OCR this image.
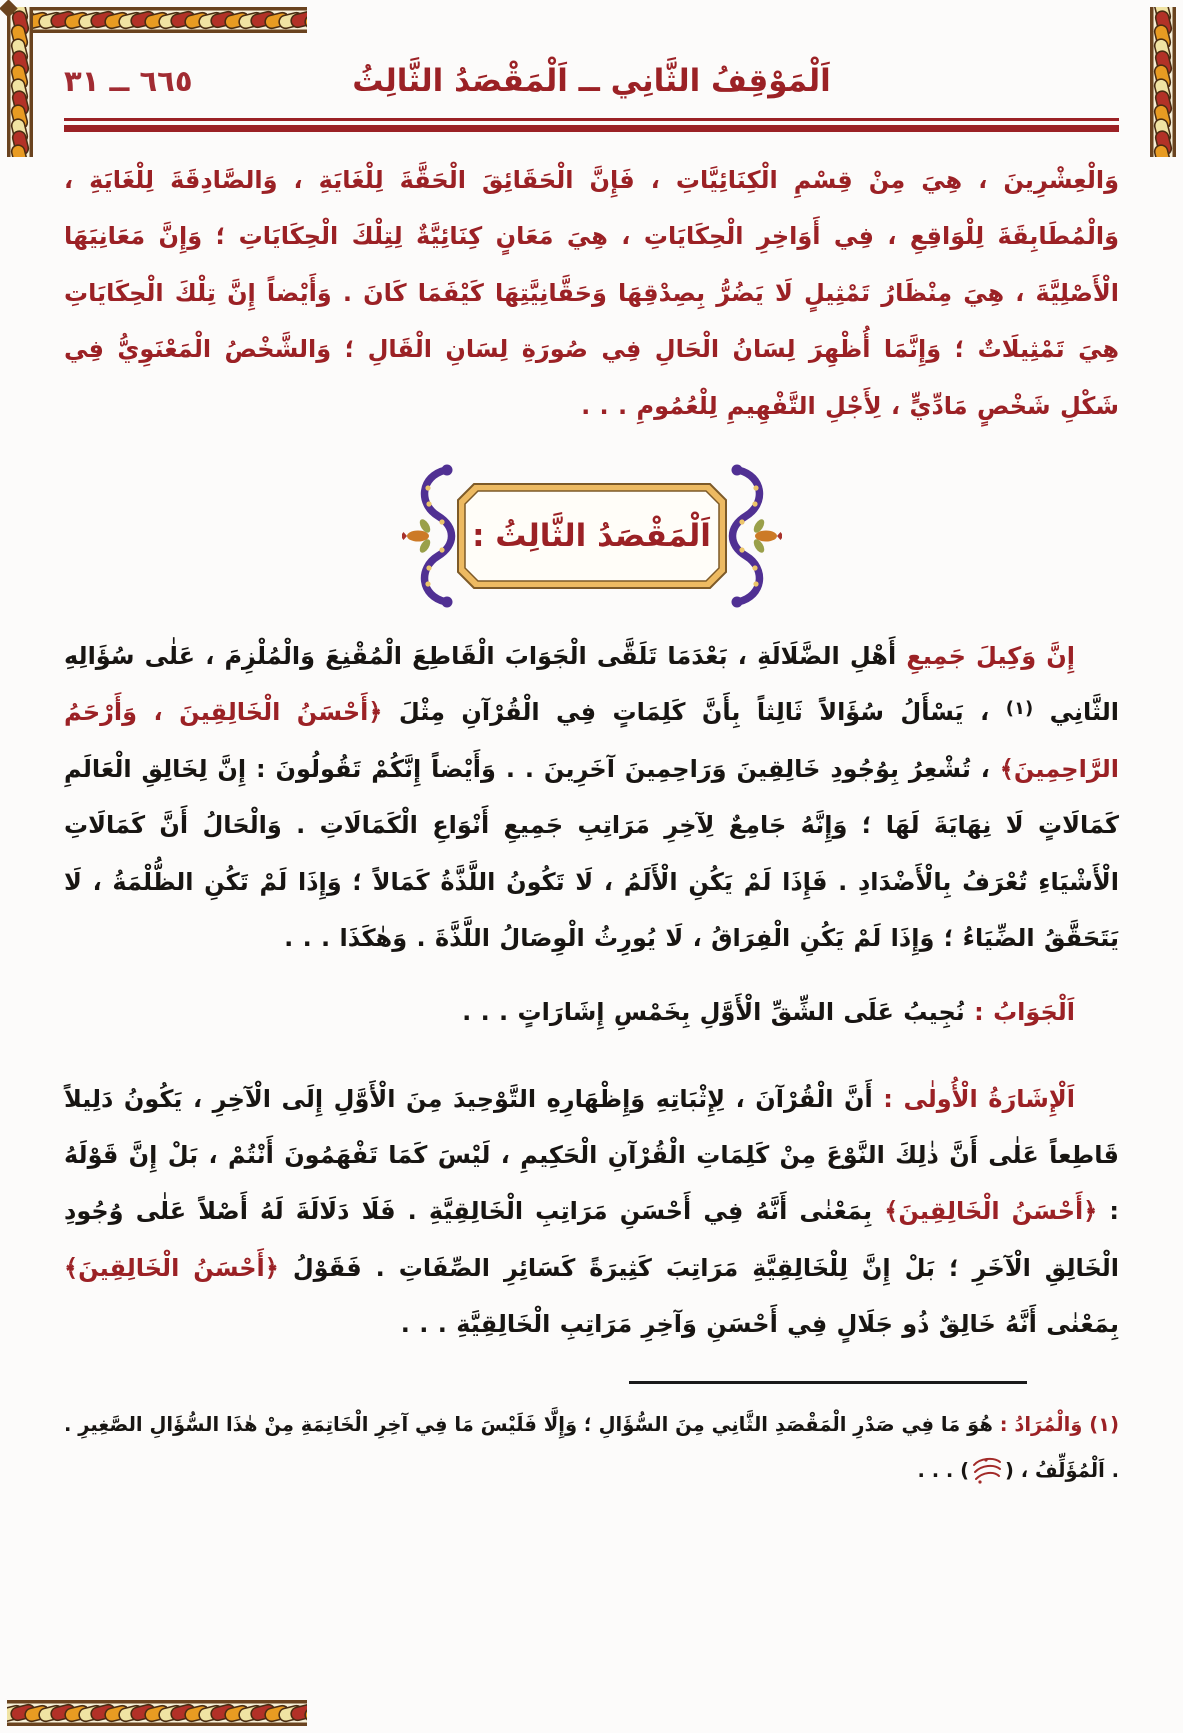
٦٦٥ ــ ٣١	اَلْمَوْقِفُ الثَّانِي ــ اَلْمَقْصَدُ الثَّالِثُ

وَالْعِشْرِينَ ، هِيَ مِنْ قِسْمِ الْكِنَائِيَّاتِ ، فَإِنَّ الْحَقَائِقَ الْحَقَّةَ لِلْغَايَةِ ، وَالصَّادِقَةَ لِلْغَايَةِ ، وَالْمُطَابِقَةَ لِلْوَاقِعِ ، فِي أَوَاخِرِ الْحِكَايَاتِ ، هِيَ مَعَانٍ كِنَائِيَّةٌ لِتِلْكَ الْحِكَايَاتِ ؛ وَإِنَّ مَعَانِيَهَا الْأَصْلِيَّةَ ، هِيَ مِنْظَارُ تَمْثِيلٍ لَا يَضُرُّ بِصِدْقِهَا وَحَقَّانِيَّتِهَا كَيْفَمَا كَانَ . وَأَيْضاً إِنَّ تِلْكَ الْحِكَايَاتِ هِيَ تَمْثِيلَاتٌ ؛ وَإِنَّمَا أُظْهِرَ لِسَانُ الْحَالِ فِي صُورَةِ لِسَانِ الْقَالِ ؛ وَالشَّخْصُ الْمَعْنَوِيُّ فِي شَكْلِ شَخْصٍ مَادِّيٍّ ، لِأَجْلِ التَّفْهِيمِ لِلْعُمُومِ . . .

اَلْمَقْصَدُ الثَّالِثُ :

إِنَّ وَكِيلَ جَمِيعِ أَهْلِ الضَّلَالَةِ ، بَعْدَمَا تَلَقَّى الْجَوَابَ الْقَاطِعَ الْمُقْنِعَ وَالْمُلْزِمَ ، عَلٰى سُؤَالِهِ الثَّانِي $^{(١)}$ ، يَسْأَلُ سُؤَالاً ثَالِثاً بِأَنَّ كَلِمَاتٍ فِي الْقُرْآنِ مِثْلَ ﴿أَحْسَنُ الْخَالِقِينَ ، وَأَرْحَمُ الرَّاحِمِينَ﴾ ، تُشْعِرُ بِوُجُودِ خَالِقِينَ وَرَاحِمِينَ آخَرِينَ . . وَأَيْضاً إِنَّكُمْ تَقُولُونَ : إِنَّ لِخَالِقِ الْعَالَمِ كَمَالَاتٍ لَا نِهَايَةَ لَهَا ؛ وَإِنَّهُ جَامِعٌ لِآخِرِ مَرَاتِبِ جَمِيعِ أَنْوَاعِ الْكَمَالَاتِ . وَالْحَالُ أَنَّ كَمَالَاتِ الْأَشْيَاءِ تُعْرَفُ بِالْأَضْدَادِ . فَإِذَا لَمْ يَكُنِ الْأَلَمُ ، لَا تَكُونُ اللَّذَّةُ كَمَالاً ؛ وَإِذَا لَمْ تَكُنِ الظُّلْمَةُ ، لَا يَتَحَقَّقُ الضِّيَاءُ ؛ وَإِذَا لَمْ يَكُنِ الْفِرَاقُ ، لَا يُورِثُ الْوِصَالُ اللَّذَّةَ . وَهٰكَذَا . . .

اَلْجَوَابُ : نُجِيبُ عَلَى الشِّقِّ الْأَوَّلِ بِخَمْسِ إِشَارَاتٍ . . .

اَلْإِشَارَةُ الْأُولٰى : أَنَّ الْقُرْآنَ ، لِإِثْبَاتِهِ وَإِظْهَارِهِ التَّوْحِيدَ مِنَ الْأَوَّلِ إِلَى الْآخِرِ ، يَكُونُ دَلِيلاً قَاطِعاً عَلٰى أَنَّ ذٰلِكَ النَّوْعَ مِنْ كَلِمَاتِ الْقُرْآنِ الْحَكِيمِ ، لَيْسَ كَمَا تَفْهَمُونَ أَنْتُمْ ، بَلْ إِنَّ قَوْلَهُ : ﴿أَحْسَنُ الْخَالِقِينَ﴾ بِمَعْنٰى أَنَّهُ فِي أَحْسَنِ مَرَاتِبِ الْخَالِقِيَّةِ . فَلَا دَلَالَةَ لَهُ أَصْلاً عَلٰى وُجُودِ الْخَالِقِ الْآخَرِ ؛ بَلْ إِنَّ لِلْخَالِقِيَّةِ مَرَاتِبَ كَثِيرَةً كَسَائِرِ الصِّفَاتِ . فَقَوْلُ ﴿أَحْسَنُ الْخَالِقِينَ﴾ بِمَعْنٰى أَنَّهُ خَالِقٌ ذُو جَلَالٍ فِي أَحْسَنِ وَآخِرِ مَرَاتِبِ الْخَالِقِيَّةِ . . .

(١) وَالْمُرَادُ : هُوَ مَا فِي صَدْرِ الْمَقْصَدِ الثَّانِي مِنَ السُّؤَالِ ؛ وَإِلَّا فَلَيْسَ مَا فِي آخِرِ الْخَاتِمَةِ مِنْ هٰذَا السُّؤَالِ الصَّغِيرِ . . اَلْمُؤَلِّفُ ، () . . .
